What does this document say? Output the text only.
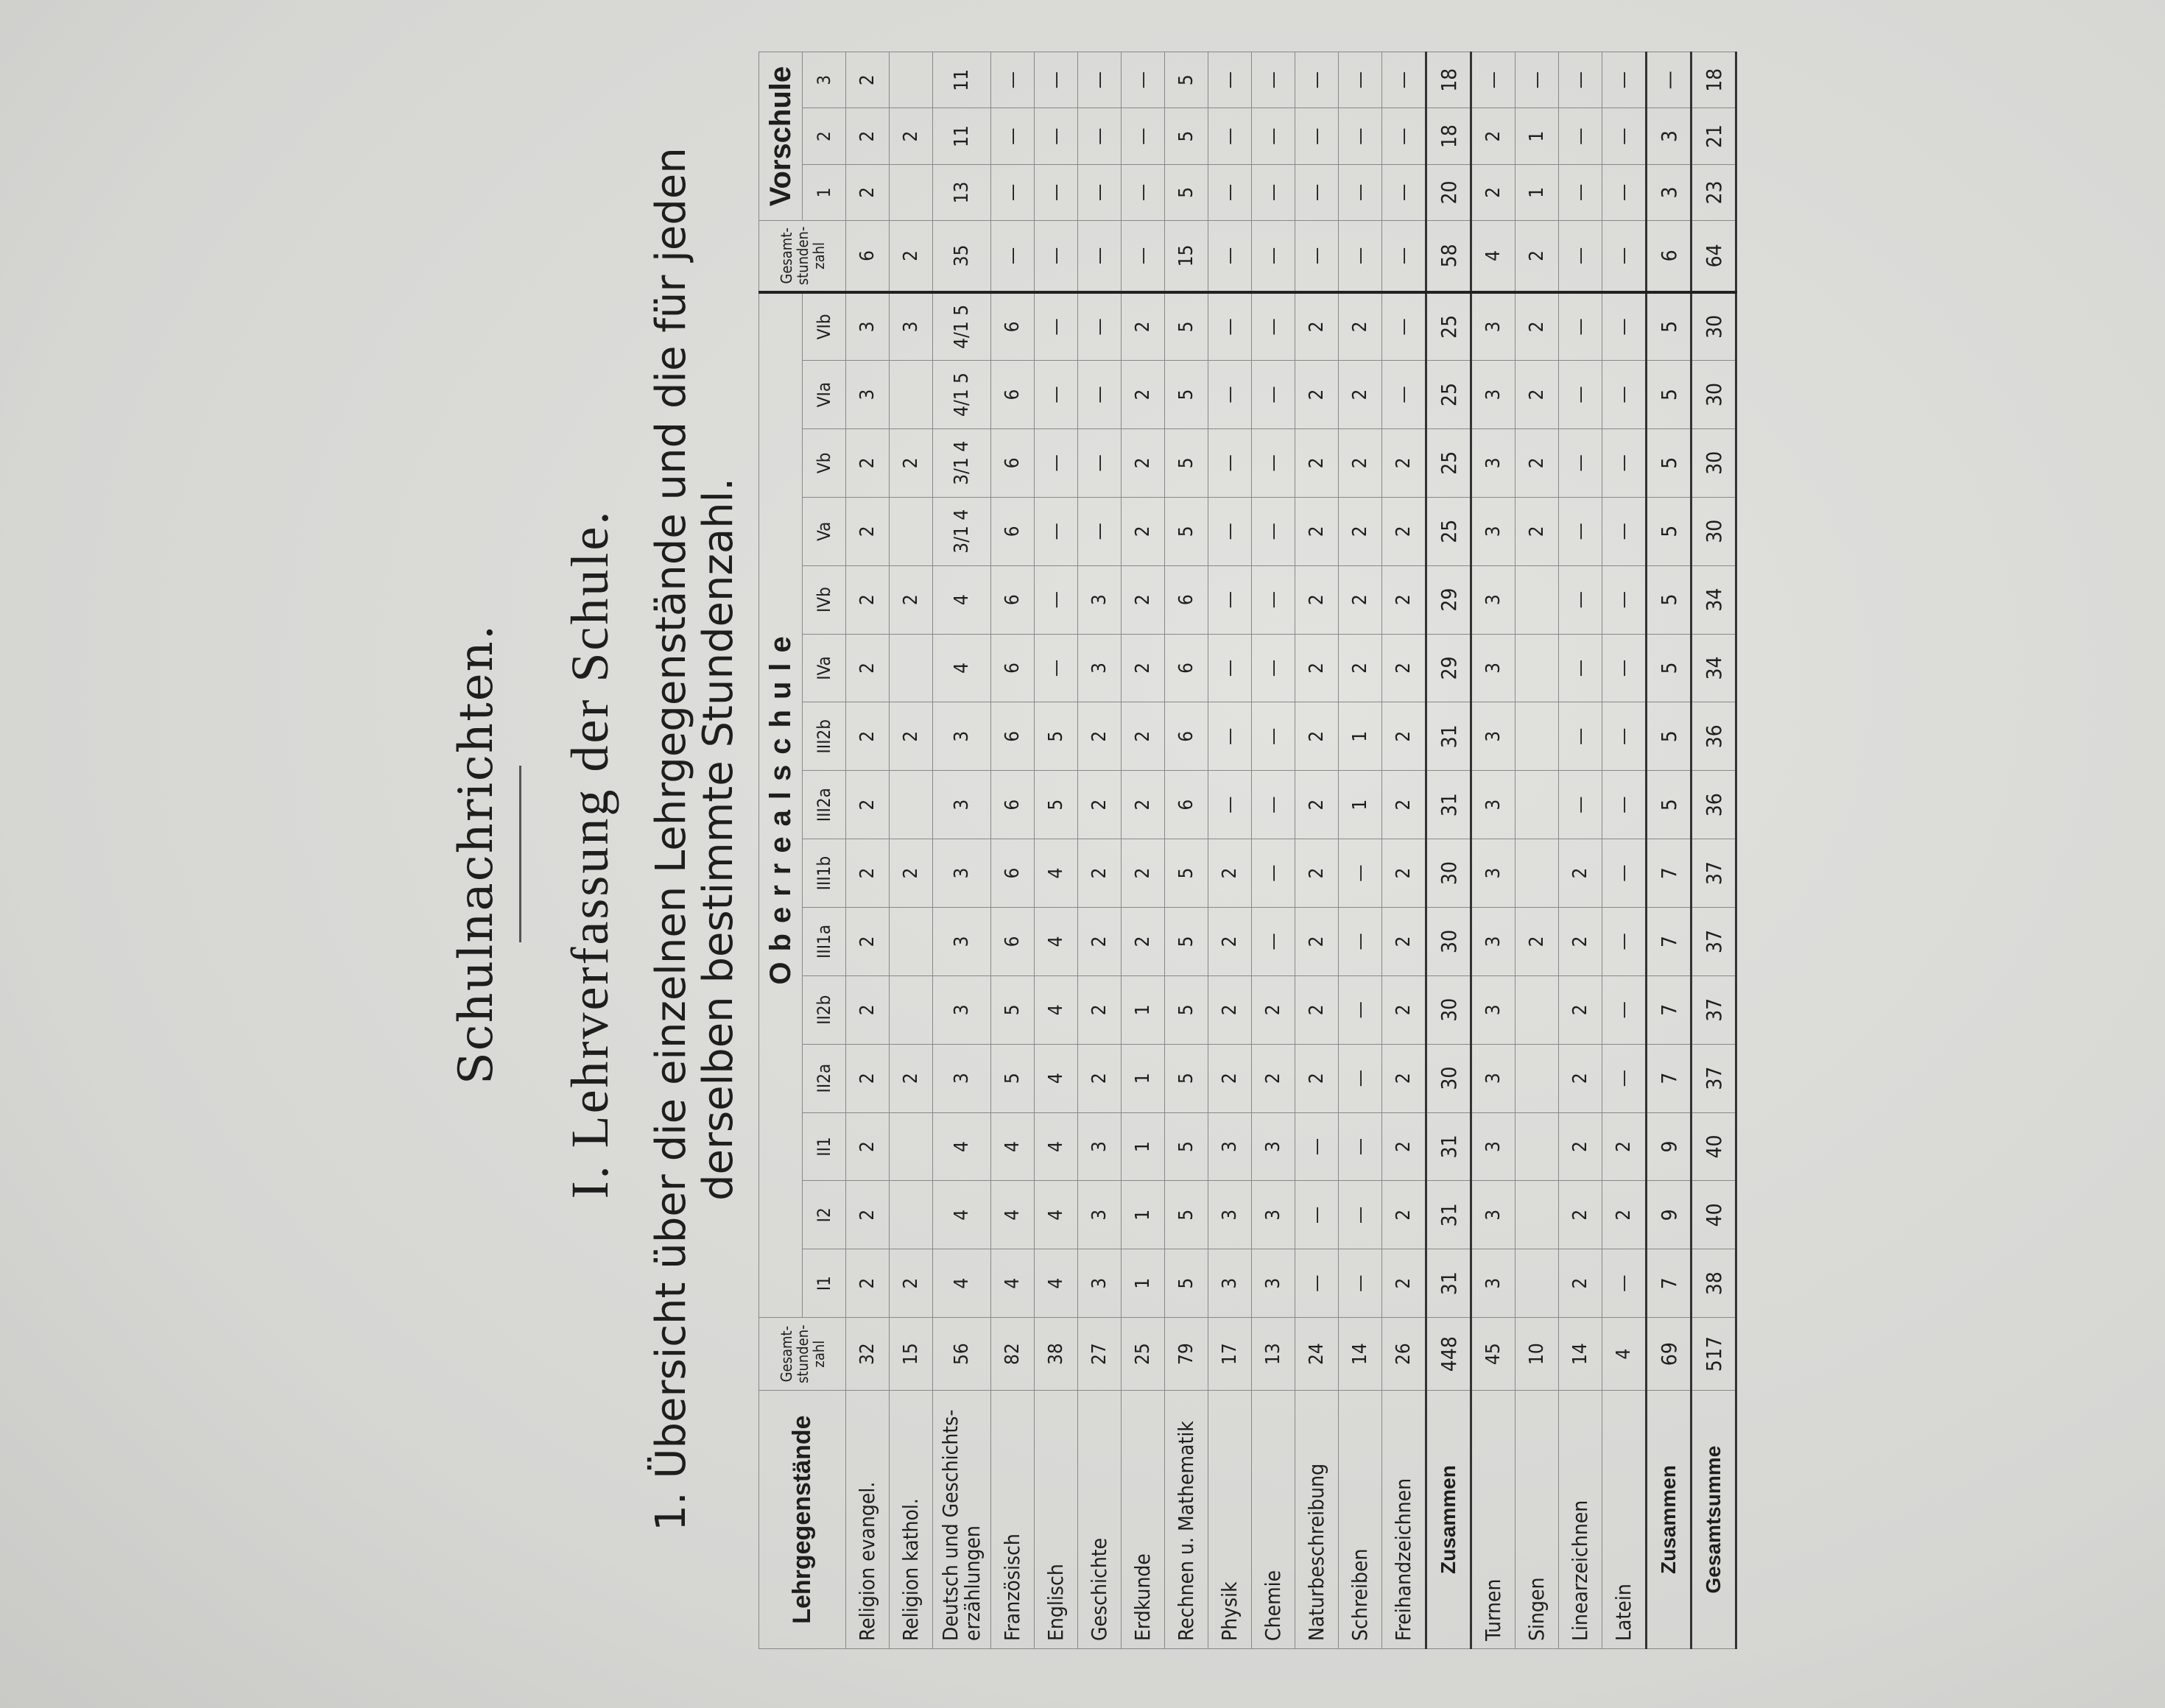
Schulnachrichten. I. Lehrverfassung der Schule. 1. Übersicht über die einzelnen Lehrgegenstände und die für jeden derselben bestimmte Stundenzahl.
Lehrgegenstände	Gesamt-stunden-zahl	Oberrealschule															Gesamt-stunden-zahl	Vorschule		
		I1	I2	II1	II2a	II2b	III1a	III1b	III2a	III2b	IVa	IVb	Va	Vb	VIa	VIb		1	2	3
Religion evangel.	32	2	2	2	2	2	2	2	2	2	2	2	2	2	3	3	6	2	2	2
Religion kathol.	15	2			2			2		2		2		2		3	2		2	
Deutsch und Geschichts-erzählungen	56	4	4	4	3	3	3	3	3	3	4	4	3/1 4	3/1 4	4/1 5	4/1 5	35	13	11	11
Französisch	82	4	4	4	5	5	6	6	6	6	6	6	6	6	6	6	—	—	—	—
Englisch	38	4	4	4	4	4	4	4	5	5	—	—	—	—	—	—	—	—	—	—
Geschichte	27	3	3	3	2	2	2	2	2	2	3	3	—	—	—	—	—	—	—	—
Erdkunde	25	1	1	1	1	1	2	2	2	2	2	2	2	2	2	2	—	—	—	—
Rechnen u. Mathematik	79	5	5	5	5	5	5	5	6	6	6	6	5	5	5	5	15	5	5	5
Physik	17	3	3	3	2	2	2	2	—	—	—	—	—	—	—	—	—	—	—	—
Chemie	13	3	3	3	2	2	—	—	—	—	—	—	—	—	—	—	—	—	—	—
Naturbeschreibung	24	—	—	—	2	2	2	2	2	2	2	2	2	2	2	2	—	—	—	—
Schreiben	14	—	—	—	—	—	—	—	1	1	2	2	2	2	2	2	—	—	—	—
Freihandzeichnen	26	2	2	2	2	2	2	2	2	2	2	2	2	2	—	—	—	—	—	—
Zusammen	448	31	31	31	30	30	30	30	31	31	29	29	25	25	25	25	58	20	18	18
Turnen	45	3	3	3	3	3	3	3	3	3	3	3	3	3	3	3	4	2	2	—
Singen	10						2						2	2	2	2	2	1	1	—
Linearzeichnen	14	2	2	2	2	2	2	2	—	—	—	—	—	—	—	—	—	—	—	—
Latein	4	—	2	2	—	—	—	—	—	—	—	—	—	—	—	—	—	—	—	—
Zusammen	69	7	9	9	7	7	7	7	5	5	5	5	5	5	5	5	6	3	3	—
Gesamtsumme	517	38	40	40	37	37	37	37	36	36	34	34	30	30	30	30	64	23	21	18
